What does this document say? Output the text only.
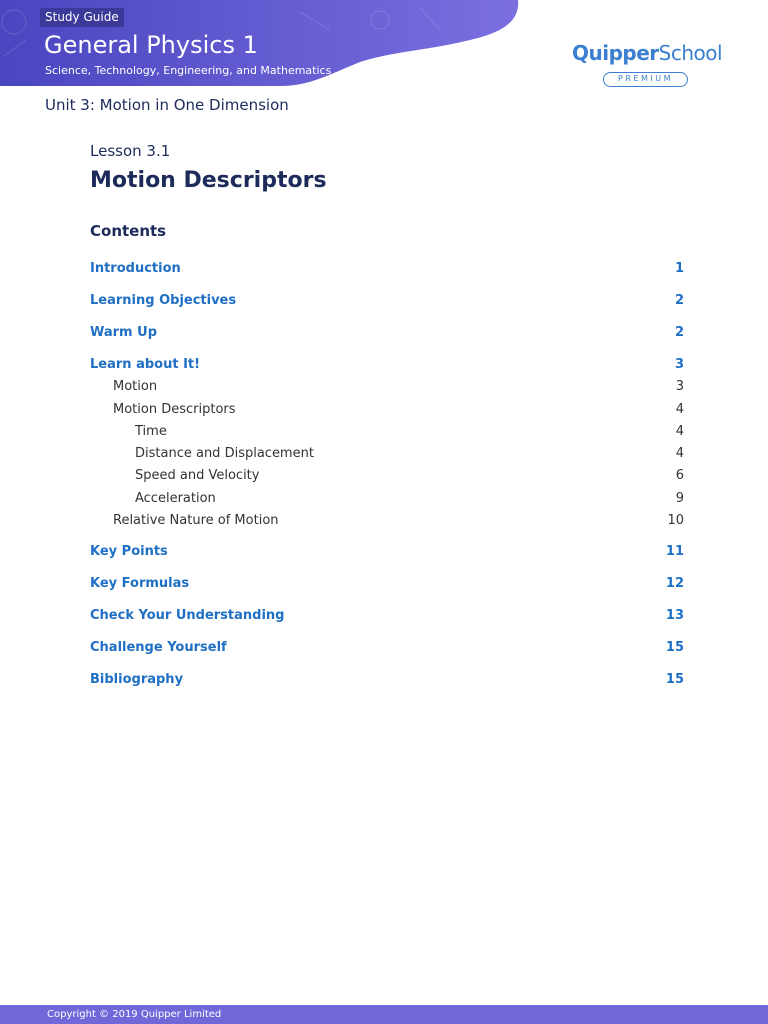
Study Guide
General Physics 1
Science, Technology, Engineering, and Mathematics
QuipperSchool
PREMIUM
Unit 3: Motion in One Dimension
Lesson 3.1
Motion Descriptors
Contents
Introduction	1
Learning Objectives	2
Warm Up	2
Learn about It!	3
Motion	3
Motion Descriptors	4
Time	4
Distance and Displacement	4
Speed and Velocity	6
Acceleration	9
Relative Nature of Motion	10
Key Points	11
Key Formulas	12
Check Your Understanding	13
Challenge Yourself	15
Bibliography	15
Copyright © 2019 Quipper Limited
